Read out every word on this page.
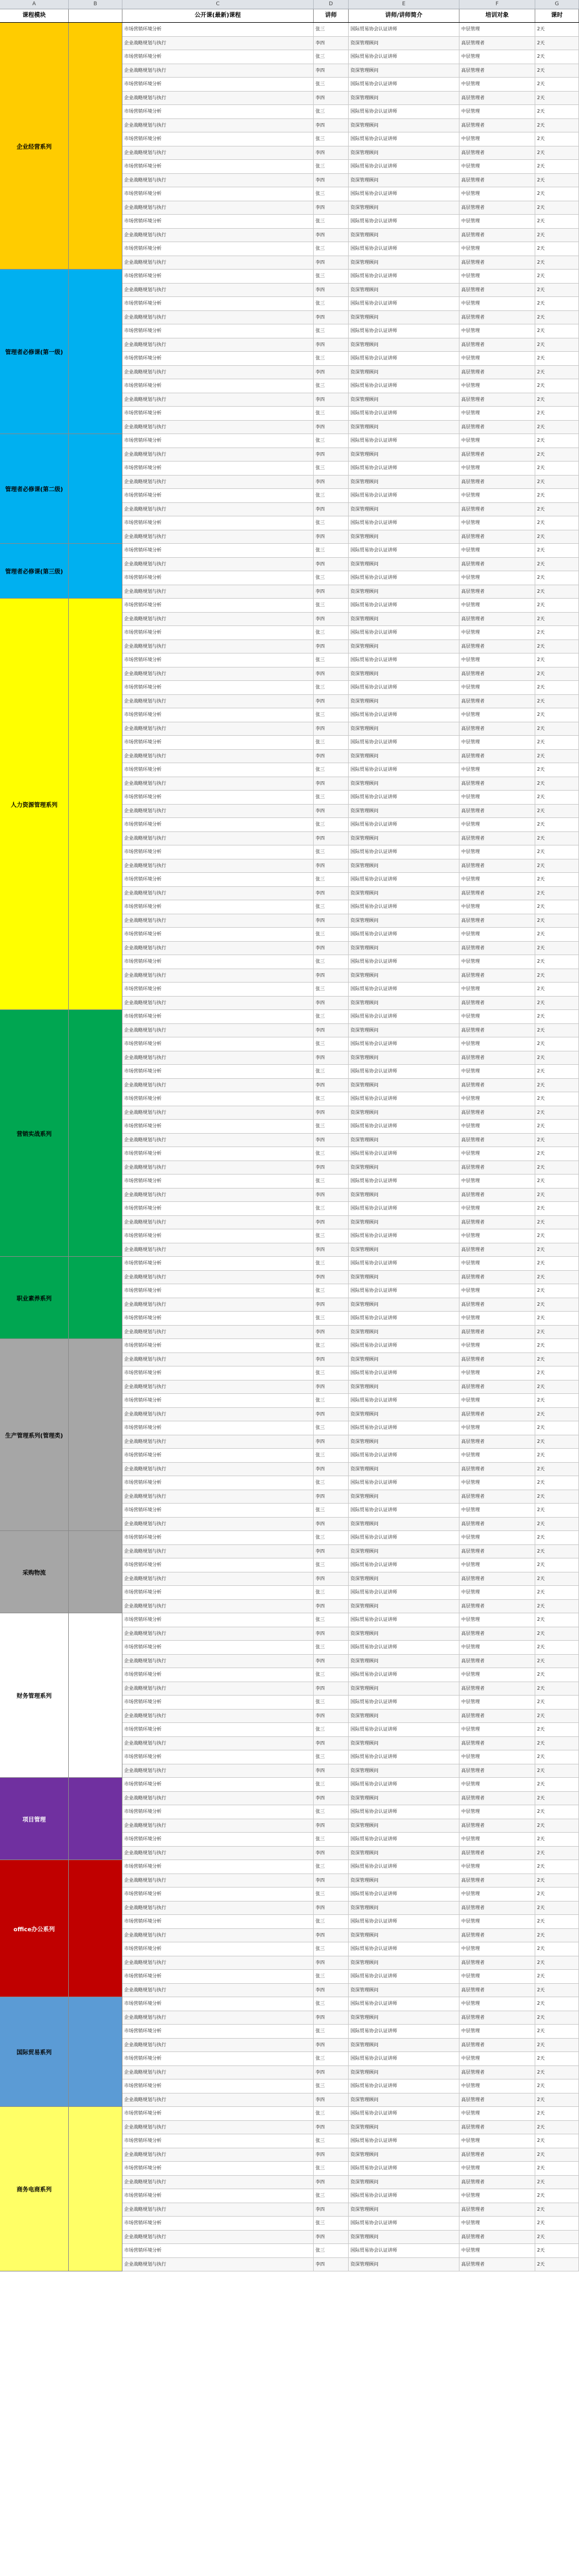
A	B	C	D	E	F	G
课程模块	公开课(最新)课程	讲师	讲师/讲师简介	培训对象	课时
企业经营系列
市场营销环境分析	张三	国际贸易协会认证讲师	中层管理	2天
企业战略规划与执行	李四	资深管理顾问	高层管理者	2天
市场营销环境分析	张三	国际贸易协会认证讲师	中层管理	2天
企业战略规划与执行	李四	资深管理顾问	高层管理者	2天
市场营销环境分析	张三	国际贸易协会认证讲师	中层管理	2天
企业战略规划与执行	李四	资深管理顾问	高层管理者	2天
市场营销环境分析	张三	国际贸易协会认证讲师	中层管理	2天
企业战略规划与执行	李四	资深管理顾问	高层管理者	2天
市场营销环境分析	张三	国际贸易协会认证讲师	中层管理	2天
企业战略规划与执行	李四	资深管理顾问	高层管理者	2天
市场营销环境分析	张三	国际贸易协会认证讲师	中层管理	2天
企业战略规划与执行	李四	资深管理顾问	高层管理者	2天
市场营销环境分析	张三	国际贸易协会认证讲师	中层管理	2天
企业战略规划与执行	李四	资深管理顾问	高层管理者	2天
市场营销环境分析	张三	国际贸易协会认证讲师	中层管理	2天
企业战略规划与执行	李四	资深管理顾问	高层管理者	2天
市场营销环境分析	张三	国际贸易协会认证讲师	中层管理	2天
企业战略规划与执行	李四	资深管理顾问	高层管理者	2天
管理者必修课(第一级)
市场营销环境分析	张三	国际贸易协会认证讲师	中层管理	2天
企业战略规划与执行	李四	资深管理顾问	高层管理者	2天
市场营销环境分析	张三	国际贸易协会认证讲师	中层管理	2天
企业战略规划与执行	李四	资深管理顾问	高层管理者	2天
市场营销环境分析	张三	国际贸易协会认证讲师	中层管理	2天
企业战略规划与执行	李四	资深管理顾问	高层管理者	2天
市场营销环境分析	张三	国际贸易协会认证讲师	中层管理	2天
企业战略规划与执行	李四	资深管理顾问	高层管理者	2天
市场营销环境分析	张三	国际贸易协会认证讲师	中层管理	2天
企业战略规划与执行	李四	资深管理顾问	高层管理者	2天
市场营销环境分析	张三	国际贸易协会认证讲师	中层管理	2天
企业战略规划与执行	李四	资深管理顾问	高层管理者	2天
管理者必修课(第二级)
市场营销环境分析	张三	国际贸易协会认证讲师	中层管理	2天
企业战略规划与执行	李四	资深管理顾问	高层管理者	2天
市场营销环境分析	张三	国际贸易协会认证讲师	中层管理	2天
企业战略规划与执行	李四	资深管理顾问	高层管理者	2天
市场营销环境分析	张三	国际贸易协会认证讲师	中层管理	2天
企业战略规划与执行	李四	资深管理顾问	高层管理者	2天
市场营销环境分析	张三	国际贸易协会认证讲师	中层管理	2天
企业战略规划与执行	李四	资深管理顾问	高层管理者	2天
管理者必修课(第三级)
市场营销环境分析	张三	国际贸易协会认证讲师	中层管理	2天
企业战略规划与执行	李四	资深管理顾问	高层管理者	2天
市场营销环境分析	张三	国际贸易协会认证讲师	中层管理	2天
企业战略规划与执行	李四	资深管理顾问	高层管理者	2天
人力资源管理系列
市场营销环境分析	张三	国际贸易协会认证讲师	中层管理	2天
企业战略规划与执行	李四	资深管理顾问	高层管理者	2天
市场营销环境分析	张三	国际贸易协会认证讲师	中层管理	2天
企业战略规划与执行	李四	资深管理顾问	高层管理者	2天
市场营销环境分析	张三	国际贸易协会认证讲师	中层管理	2天
企业战略规划与执行	李四	资深管理顾问	高层管理者	2天
市场营销环境分析	张三	国际贸易协会认证讲师	中层管理	2天
企业战略规划与执行	李四	资深管理顾问	高层管理者	2天
市场营销环境分析	张三	国际贸易协会认证讲师	中层管理	2天
企业战略规划与执行	李四	资深管理顾问	高层管理者	2天
市场营销环境分析	张三	国际贸易协会认证讲师	中层管理	2天
企业战略规划与执行	李四	资深管理顾问	高层管理者	2天
市场营销环境分析	张三	国际贸易协会认证讲师	中层管理	2天
企业战略规划与执行	李四	资深管理顾问	高层管理者	2天
市场营销环境分析	张三	国际贸易协会认证讲师	中层管理	2天
企业战略规划与执行	李四	资深管理顾问	高层管理者	2天
市场营销环境分析	张三	国际贸易协会认证讲师	中层管理	2天
企业战略规划与执行	李四	资深管理顾问	高层管理者	2天
市场营销环境分析	张三	国际贸易协会认证讲师	中层管理	2天
企业战略规划与执行	李四	资深管理顾问	高层管理者	2天
市场营销环境分析	张三	国际贸易协会认证讲师	中层管理	2天
企业战略规划与执行	李四	资深管理顾问	高层管理者	2天
市场营销环境分析	张三	国际贸易协会认证讲师	中层管理	2天
企业战略规划与执行	李四	资深管理顾问	高层管理者	2天
市场营销环境分析	张三	国际贸易协会认证讲师	中层管理	2天
企业战略规划与执行	李四	资深管理顾问	高层管理者	2天
市场营销环境分析	张三	国际贸易协会认证讲师	中层管理	2天
企业战略规划与执行	李四	资深管理顾问	高层管理者	2天
市场营销环境分析	张三	国际贸易协会认证讲师	中层管理	2天
企业战略规划与执行	李四	资深管理顾问	高层管理者	2天
营销实战系列
市场营销环境分析	张三	国际贸易协会认证讲师	中层管理	2天
企业战略规划与执行	李四	资深管理顾问	高层管理者	2天
市场营销环境分析	张三	国际贸易协会认证讲师	中层管理	2天
企业战略规划与执行	李四	资深管理顾问	高层管理者	2天
市场营销环境分析	张三	国际贸易协会认证讲师	中层管理	2天
企业战略规划与执行	李四	资深管理顾问	高层管理者	2天
市场营销环境分析	张三	国际贸易协会认证讲师	中层管理	2天
企业战略规划与执行	李四	资深管理顾问	高层管理者	2天
市场营销环境分析	张三	国际贸易协会认证讲师	中层管理	2天
企业战略规划与执行	李四	资深管理顾问	高层管理者	2天
市场营销环境分析	张三	国际贸易协会认证讲师	中层管理	2天
企业战略规划与执行	李四	资深管理顾问	高层管理者	2天
市场营销环境分析	张三	国际贸易协会认证讲师	中层管理	2天
企业战略规划与执行	李四	资深管理顾问	高层管理者	2天
市场营销环境分析	张三	国际贸易协会认证讲师	中层管理	2天
企业战略规划与执行	李四	资深管理顾问	高层管理者	2天
市场营销环境分析	张三	国际贸易协会认证讲师	中层管理	2天
企业战略规划与执行	李四	资深管理顾问	高层管理者	2天
职业素养系列
市场营销环境分析	张三	国际贸易协会认证讲师	中层管理	2天
企业战略规划与执行	李四	资深管理顾问	高层管理者	2天
市场营销环境分析	张三	国际贸易协会认证讲师	中层管理	2天
企业战略规划与执行	李四	资深管理顾问	高层管理者	2天
市场营销环境分析	张三	国际贸易协会认证讲师	中层管理	2天
企业战略规划与执行	李四	资深管理顾问	高层管理者	2天
生产管理系列(管理类)
市场营销环境分析	张三	国际贸易协会认证讲师	中层管理	2天
企业战略规划与执行	李四	资深管理顾问	高层管理者	2天
市场营销环境分析	张三	国际贸易协会认证讲师	中层管理	2天
企业战略规划与执行	李四	资深管理顾问	高层管理者	2天
市场营销环境分析	张三	国际贸易协会认证讲师	中层管理	2天
企业战略规划与执行	李四	资深管理顾问	高层管理者	2天
市场营销环境分析	张三	国际贸易协会认证讲师	中层管理	2天
企业战略规划与执行	李四	资深管理顾问	高层管理者	2天
市场营销环境分析	张三	国际贸易协会认证讲师	中层管理	2天
企业战略规划与执行	李四	资深管理顾问	高层管理者	2天
市场营销环境分析	张三	国际贸易协会认证讲师	中层管理	2天
企业战略规划与执行	李四	资深管理顾问	高层管理者	2天
市场营销环境分析	张三	国际贸易协会认证讲师	中层管理	2天
企业战略规划与执行	李四	资深管理顾问	高层管理者	2天
采购物流
市场营销环境分析	张三	国际贸易协会认证讲师	中层管理	2天
企业战略规划与执行	李四	资深管理顾问	高层管理者	2天
市场营销环境分析	张三	国际贸易协会认证讲师	中层管理	2天
企业战略规划与执行	李四	资深管理顾问	高层管理者	2天
市场营销环境分析	张三	国际贸易协会认证讲师	中层管理	2天
企业战略规划与执行	李四	资深管理顾问	高层管理者	2天
财务管理系列
市场营销环境分析	张三	国际贸易协会认证讲师	中层管理	2天
企业战略规划与执行	李四	资深管理顾问	高层管理者	2天
市场营销环境分析	张三	国际贸易协会认证讲师	中层管理	2天
企业战略规划与执行	李四	资深管理顾问	高层管理者	2天
市场营销环境分析	张三	国际贸易协会认证讲师	中层管理	2天
企业战略规划与执行	李四	资深管理顾问	高层管理者	2天
市场营销环境分析	张三	国际贸易协会认证讲师	中层管理	2天
企业战略规划与执行	李四	资深管理顾问	高层管理者	2天
市场营销环境分析	张三	国际贸易协会认证讲师	中层管理	2天
企业战略规划与执行	李四	资深管理顾问	高层管理者	2天
市场营销环境分析	张三	国际贸易协会认证讲师	中层管理	2天
企业战略规划与执行	李四	资深管理顾问	高层管理者	2天
项目管理
市场营销环境分析	张三	国际贸易协会认证讲师	中层管理	2天
企业战略规划与执行	李四	资深管理顾问	高层管理者	2天
市场营销环境分析	张三	国际贸易协会认证讲师	中层管理	2天
企业战略规划与执行	李四	资深管理顾问	高层管理者	2天
市场营销环境分析	张三	国际贸易协会认证讲师	中层管理	2天
企业战略规划与执行	李四	资深管理顾问	高层管理者	2天
office办公系列
市场营销环境分析	张三	国际贸易协会认证讲师	中层管理	2天
企业战略规划与执行	李四	资深管理顾问	高层管理者	2天
市场营销环境分析	张三	国际贸易协会认证讲师	中层管理	2天
企业战略规划与执行	李四	资深管理顾问	高层管理者	2天
市场营销环境分析	张三	国际贸易协会认证讲师	中层管理	2天
企业战略规划与执行	李四	资深管理顾问	高层管理者	2天
市场营销环境分析	张三	国际贸易协会认证讲师	中层管理	2天
企业战略规划与执行	李四	资深管理顾问	高层管理者	2天
市场营销环境分析	张三	国际贸易协会认证讲师	中层管理	2天
企业战略规划与执行	李四	资深管理顾问	高层管理者	2天
国际贸易系列
市场营销环境分析	张三	国际贸易协会认证讲师	中层管理	2天
企业战略规划与执行	李四	资深管理顾问	高层管理者	2天
市场营销环境分析	张三	国际贸易协会认证讲师	中层管理	2天
企业战略规划与执行	李四	资深管理顾问	高层管理者	2天
市场营销环境分析	张三	国际贸易协会认证讲师	中层管理	2天
企业战略规划与执行	李四	资深管理顾问	高层管理者	2天
市场营销环境分析	张三	国际贸易协会认证讲师	中层管理	2天
企业战略规划与执行	李四	资深管理顾问	高层管理者	2天
商务电商系列
市场营销环境分析	张三	国际贸易协会认证讲师	中层管理	2天
企业战略规划与执行	李四	资深管理顾问	高层管理者	2天
市场营销环境分析	张三	国际贸易协会认证讲师	中层管理	2天
企业战略规划与执行	李四	资深管理顾问	高层管理者	2天
市场营销环境分析	张三	国际贸易协会认证讲师	中层管理	2天
企业战略规划与执行	李四	资深管理顾问	高层管理者	2天
市场营销环境分析	张三	国际贸易协会认证讲师	中层管理	2天
企业战略规划与执行	李四	资深管理顾问	高层管理者	2天
市场营销环境分析	张三	国际贸易协会认证讲师	中层管理	2天
企业战略规划与执行	李四	资深管理顾问	高层管理者	2天
市场营销环境分析	张三	国际贸易协会认证讲师	中层管理	2天
企业战略规划与执行	李四	资深管理顾问	高层管理者	2天
